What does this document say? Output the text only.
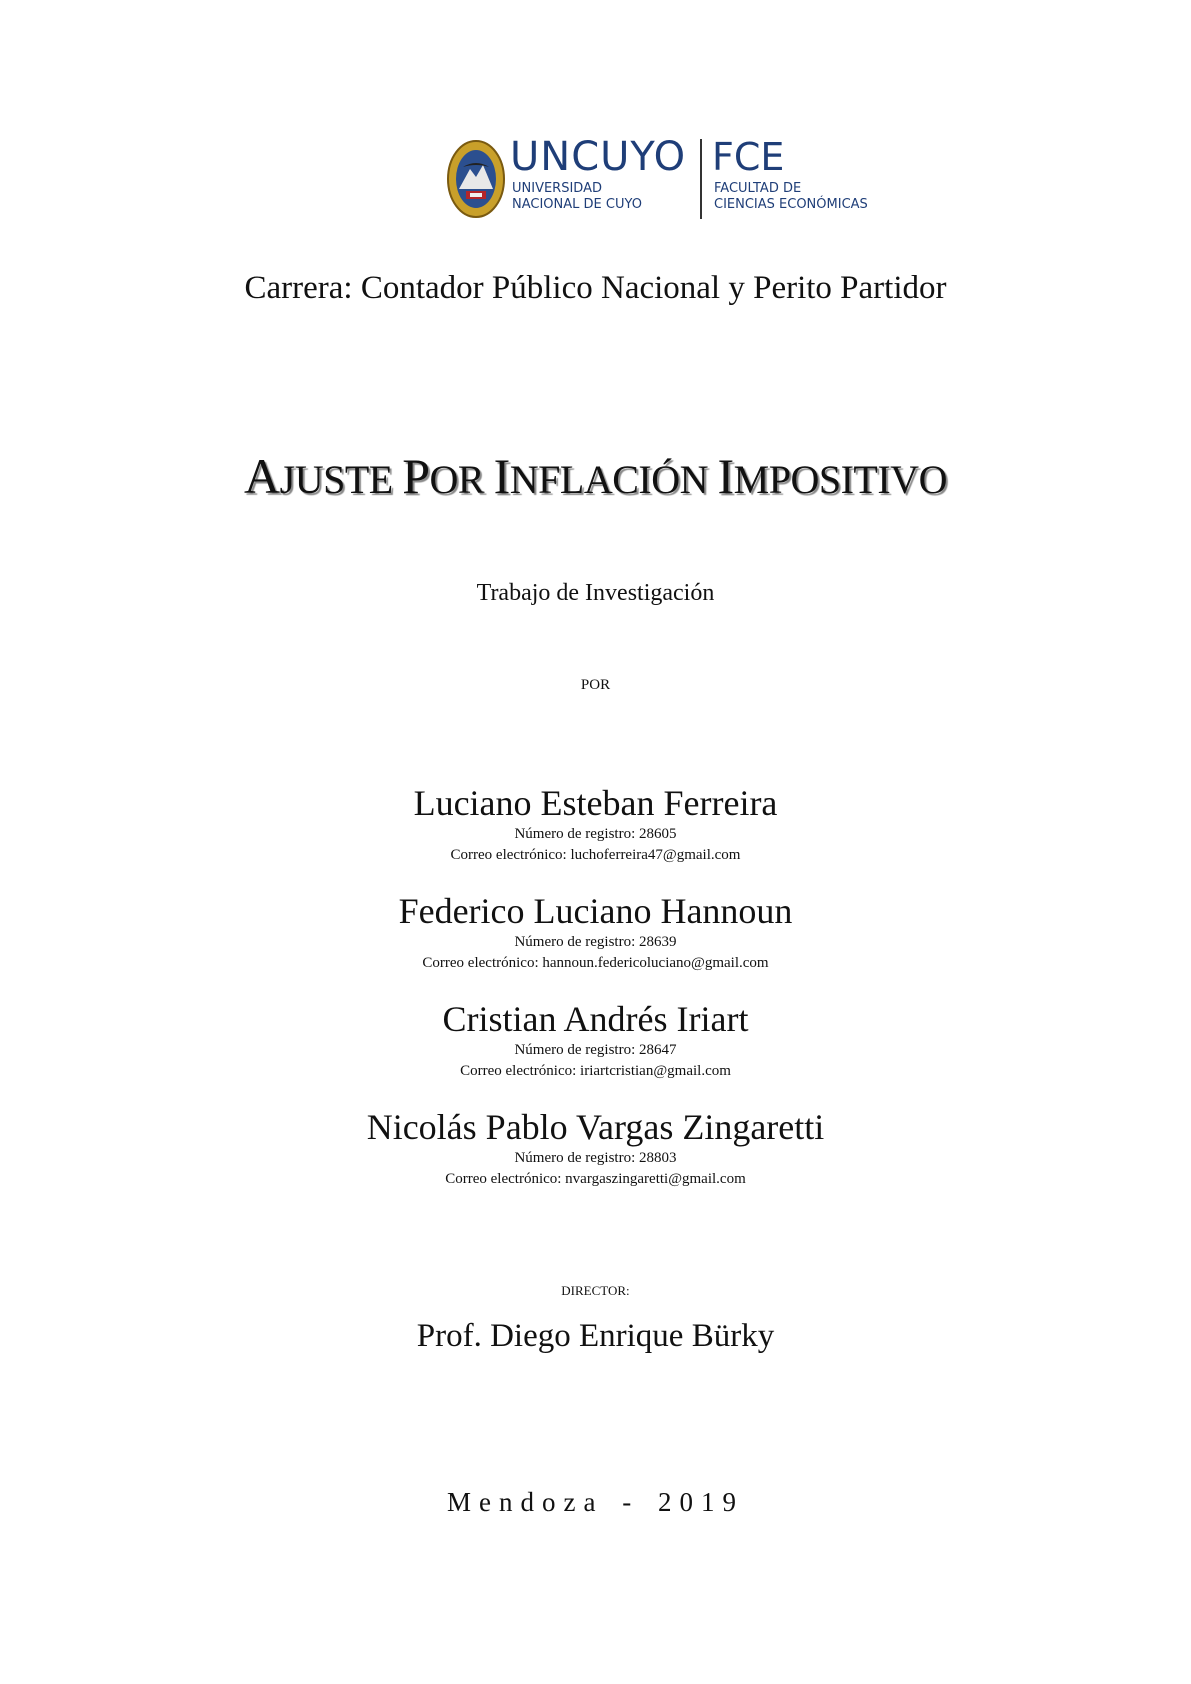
UNCUYO
UNIVERSIDAD
NACIONAL DE CUYO
FCE
FACULTAD DE
CIENCIAS ECONÓMICAS
Carrera: Contador Público Nacional y Perito Partidor
AJUSTE POR INFLACIÓN IMPOSITIVO
Trabajo de Investigación
POR
Luciano Esteban Ferreira
Número de registro: 28605
Correo electrónico: luchoferreira47@gmail.com
Federico Luciano Hannoun
Número de registro: 28639
Correo electrónico: hannoun.federicoluciano@gmail.com
Cristian Andrés Iriart
Número de registro: 28647
Correo electrónico: iriartcristian@gmail.com
Nicolás Pablo Vargas Zingaretti
Número de registro: 28803
Correo electrónico: nvargaszingaretti@gmail.com
DIRECTOR:
Prof. Diego Enrique Bürky
Mendoza - 2019
